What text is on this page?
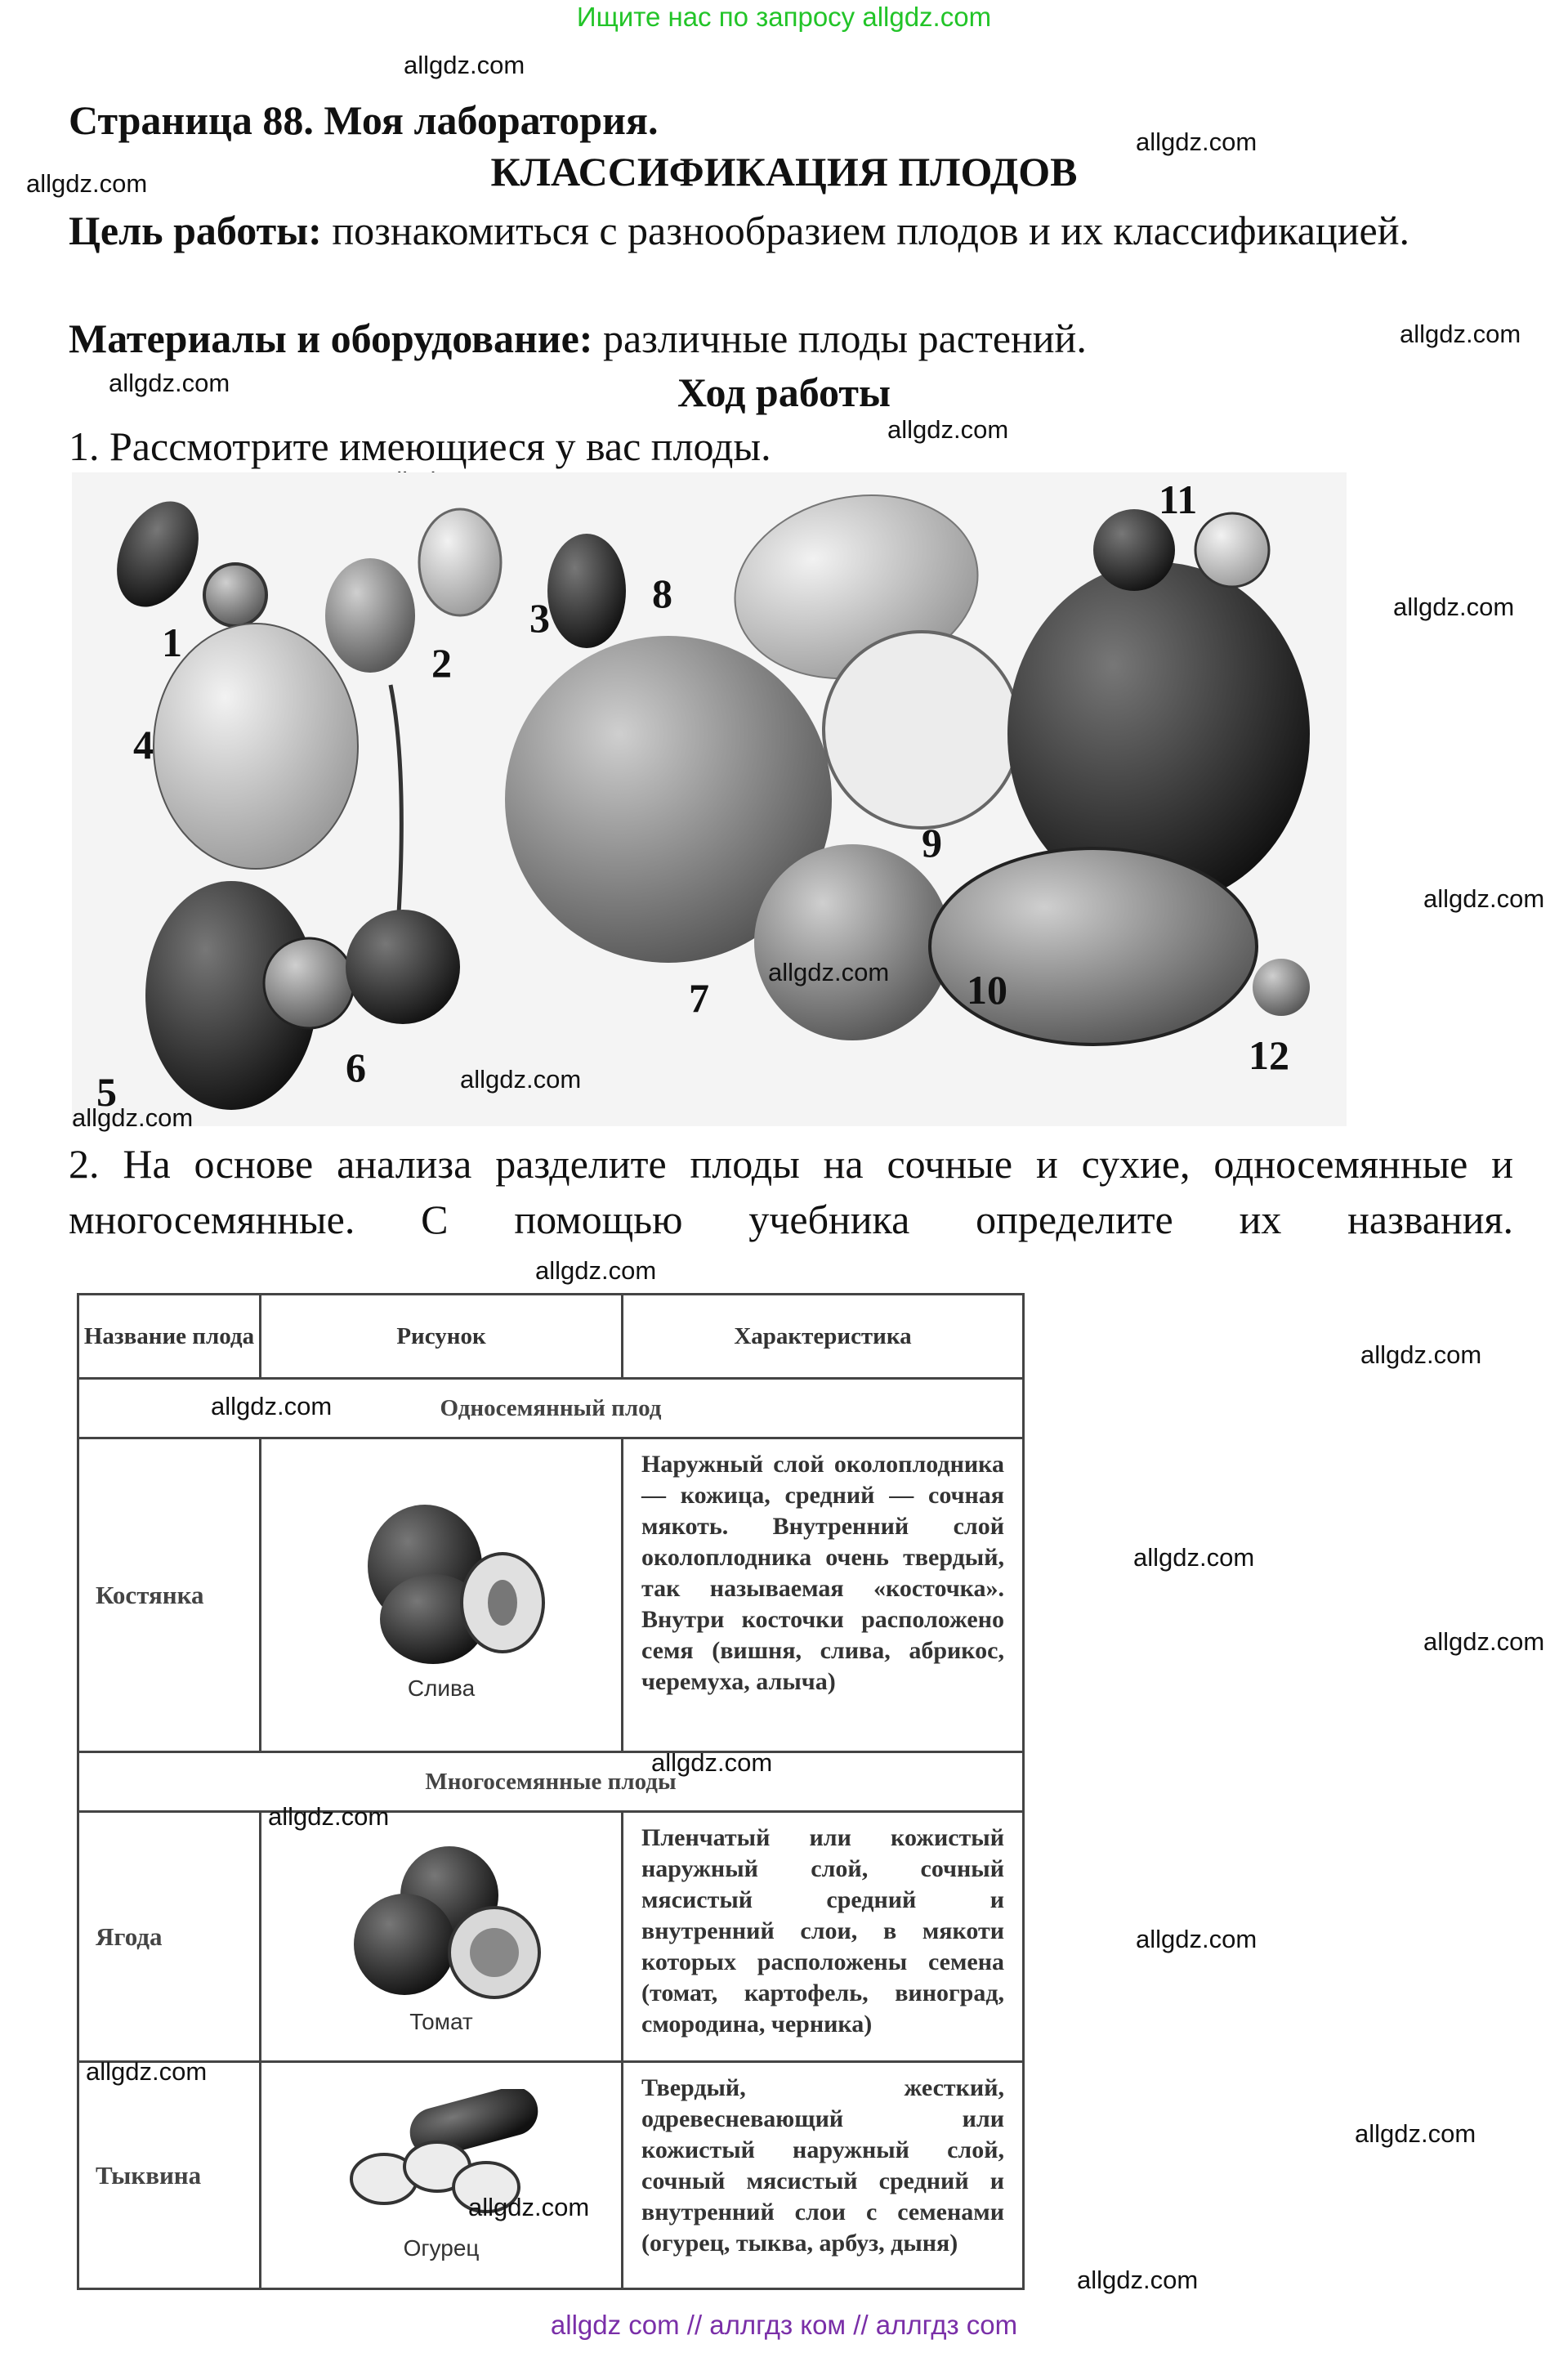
Ищите нас по запросу allgdz.com
allgdz com // аллгдз ком // аллгдз com
allgdz.com
allgdz.com
allgdz.com
allgdz.com
allgdz.com
allgdz.com
allgdz.com
allgdz.com
allgdz.com
allgdz.com
allgdz.com
allgdz.com
allgdz.com
allgdz.com
Страница 88. Моя лаборатория.
КЛАССИФИКАЦИЯ ПЛОДОВ
Цель работы: познакомиться с разнообразием плодов и их классификацией.
Материалы и оборудование: различные плоды растений.
Ход работы
1. Рассмотрите имеющиеся у вас плоды.
1	2
3
4
5
6
7
8
9
10
11
12
2. На основе анализа разделите плоды на сочные и сухие, односемянные и многосемянные. С помощью учебника определите их названия.
Название плода	Рисунок	Характеристика
Односемянный плод		
Костянка	Слива	Наружный слой околоплодника — кожица, средний — сочная мякоть. Внутренний слой околоплодника очень твердый, так называемая «косточка». Внутри косточки расположено семя (вишня, слива, абрикос, черемуха, алыча)
Многосемянные плоды		
Ягода	Томат	Пленчатый или кожистый наружный слой, сочный мясистый средний и внутренний слои, в мякоти которых расположены семена (томат, картофель, виноград, смородина, черника)
Тыквина	Огурец	Твердый, жесткий, одревесневающий или кожистый наружный слой, сочный мясистый средний и внутренний слои с семенами (огурец, тыква, арбуз, дыня)
allgdz.com
allgdz.com
allgdz.com
allgdz.com
allgdz.com
allgdz.com
allgdz.com
allgdz.com
allgdz.com
